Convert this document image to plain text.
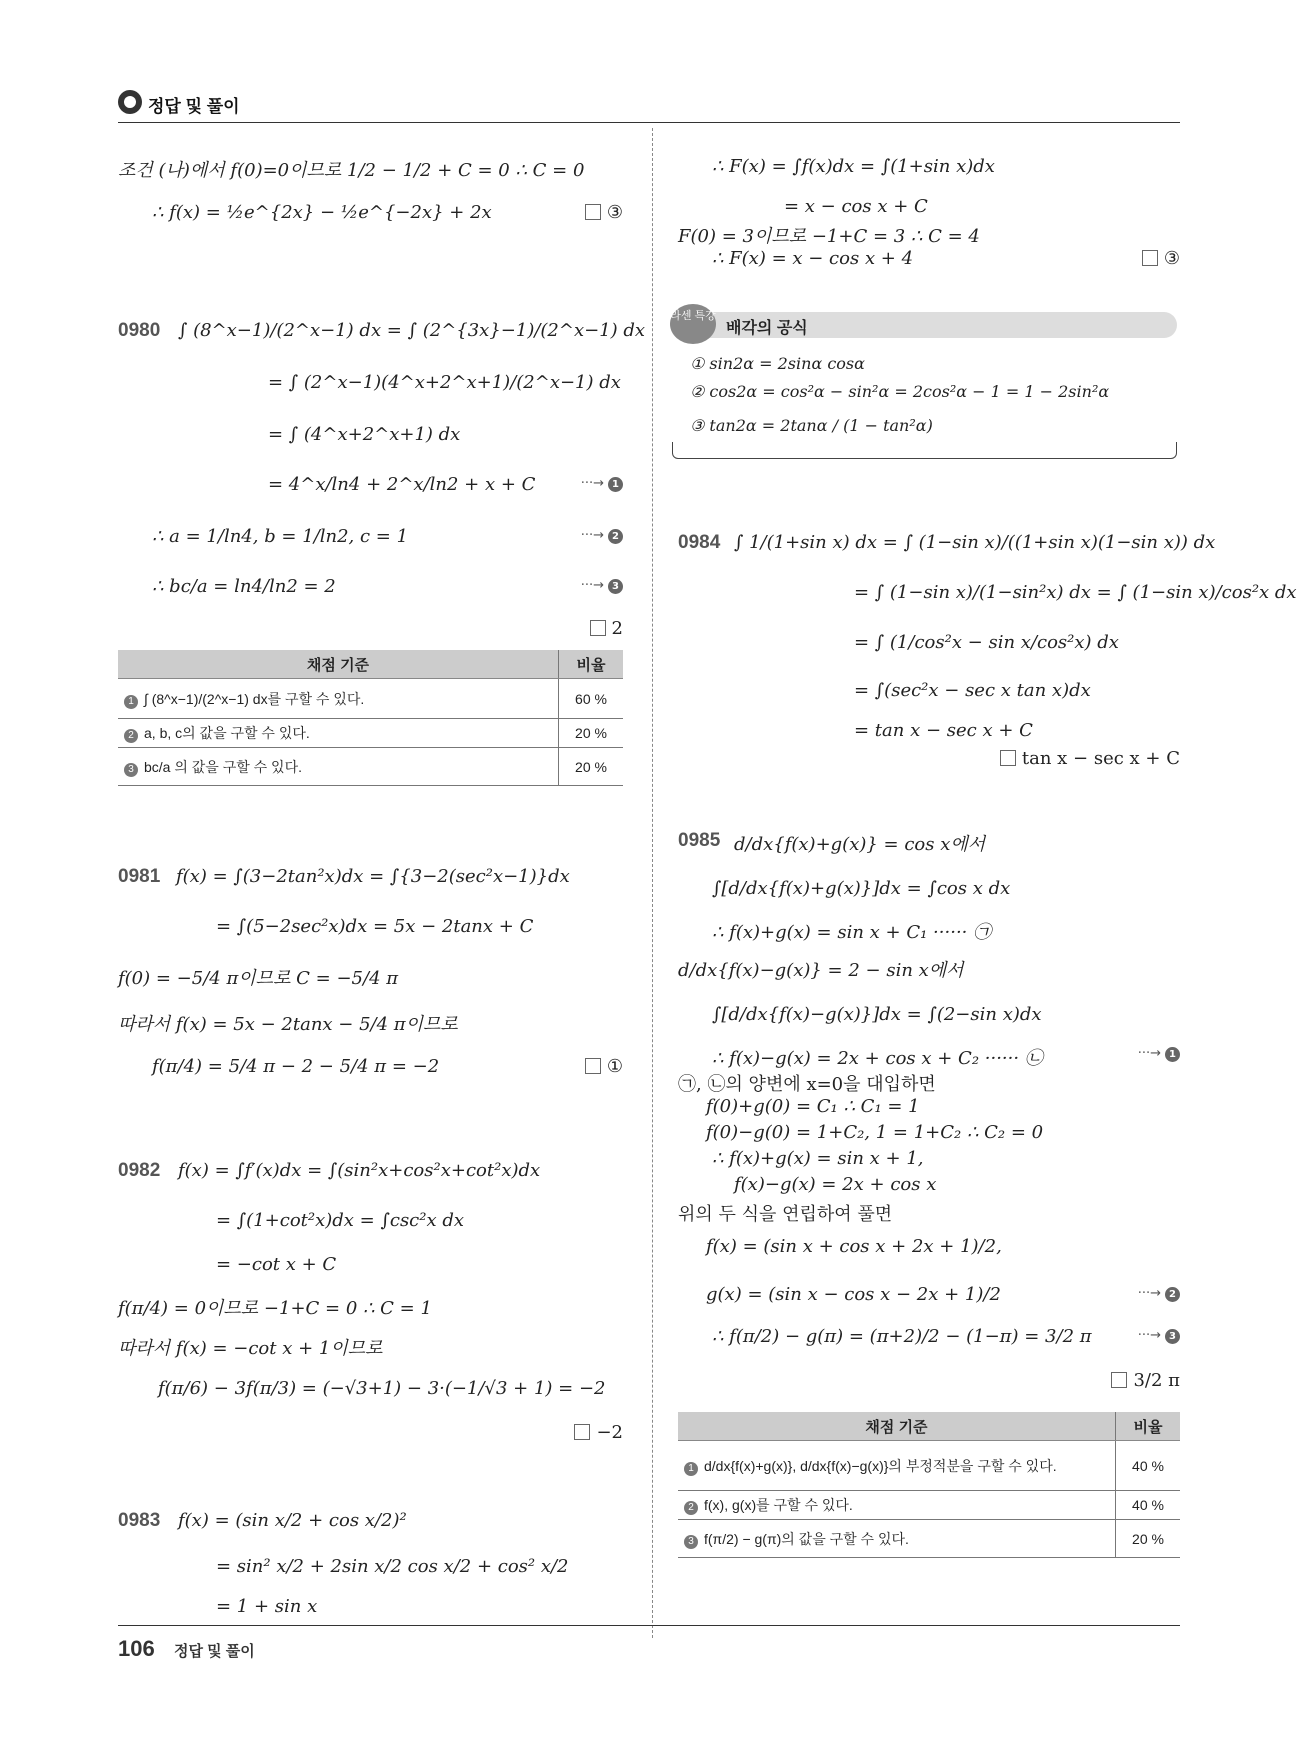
정답 및 풀이
조건 (나)에서 f(0)=0이므로 1/2 − 1/2 + C = 0 ∴ C = 0
∴ f(x) = ½e^{2x} − ½e^{−2x} + 2x	③
0980 ∫ (8^x−1)/(2^x−1) dx = ∫ (2^{3x}−1)/(2^x−1) dx
= ∫ (2^x−1)(4^x+2^x+1)/(2^x−1) dx
= ∫ (4^x+2^x+1) dx
= 4^x/ln4 + 2^x/ln2 + x + C	···→ 1
∴ a = 1/ln4, b = 1/ln2, c = 1	···→ 2
∴ bc/a = ln4/ln2 = 2	···→ 3
2
채점 기준	비율
1 ∫ (8^x−1)/(2^x−1) dx를 구할 수 있다.	60 %
2 a, b, c의 값을 구할 수 있다.	20 %
3 bc/a 의 값을 구할 수 있다.	20 %
0981 f(x) = ∫(3−2tan²x)dx = ∫{3−2(sec²x−1)}dx
= ∫(5−2sec²x)dx = 5x − 2tanx + C
f(0) = −5/4 π이므로 C = −5/4 π
따라서 f(x) = 5x − 2tanx − 5/4 π이므로
f(π/4) = 5/4 π − 2 − 5/4 π = −2	①
0982 f(x) = ∫f′(x)dx = ∫(sin²x+cos²x+cot²x)dx
= ∫(1+cot²x)dx = ∫csc²x dx
= −cot x + C
f(π/4) = 0이므로 −1+C = 0 ∴ C = 1
따라서 f(x) = −cot x + 1이므로
f(π/6) − 3f(π/3) = (−√3+1) − 3·(−1/√3 + 1) = −2
−2
0983 f(x) = (sin x/2 + cos x/2)²
= sin² x/2 + 2sin x/2 cos x/2 + cos² x/2
= 1 + sin x
∴ F(x) = ∫f(x)dx = ∫(1+sin x)dx
= x − cos x + C
F(0) = 3이므로 −1+C = 3 ∴ C = 4
∴ F(x) = x − cos x + 4	③
라센 특강
배각의 공식
① sin2α = 2sinα cosα
② cos2α = cos²α − sin²α = 2cos²α − 1 = 1 − 2sin²α
③ tan2α = 2tanα / (1 − tan²α)
0984 ∫ 1/(1+sin x) dx = ∫ (1−sin x)/((1+sin x)(1−sin x)) dx
= ∫ (1−sin x)/(1−sin²x) dx = ∫ (1−sin x)/cos²x dx
= ∫ (1/cos²x − sin x/cos²x) dx
= ∫(sec²x − sec x tan x)dx
= tan x − sec x + C
tan x − sec x + C
0985 d/dx{f(x)+g(x)} = cos x에서
∫[d/dx{f(x)+g(x)}]dx = ∫cos x dx
∴ f(x)+g(x) = sin x + C₁ ······ ㉠
d/dx{f(x)−g(x)} = 2 − sin x에서
∫[d/dx{f(x)−g(x)}]dx = ∫(2−sin x)dx
∴ f(x)−g(x) = 2x + cos x + C₂ ······ ㉡	···→ 1
㉠, ㉡의 양변에 x=0을 대입하면
f(0)+g(0) = C₁ ∴ C₁ = 1
f(0)−g(0) = 1+C₂, 1 = 1+C₂ ∴ C₂ = 0
∴ f(x)+g(x) = sin x + 1,
f(x)−g(x) = 2x + cos x
위의 두 식을 연립하여 풀면
f(x) = (sin x + cos x + 2x + 1)/2,
g(x) = (sin x − cos x − 2x + 1)/2	···→ 2
∴ f(π/2) − g(π) = (π+2)/2 − (1−π) = 3/2 π	···→ 3
3/2 π
채점 기준	비율
1 d/dx{f(x)+g(x)}, d/dx{f(x)−g(x)}의 부정적분을 구할 수 있다.	40 %
2 f(x), g(x)를 구할 수 있다.	40 %
3 f(π/2) − g(π)의 값을 구할 수 있다.	20 %
106 정답 및 풀이
